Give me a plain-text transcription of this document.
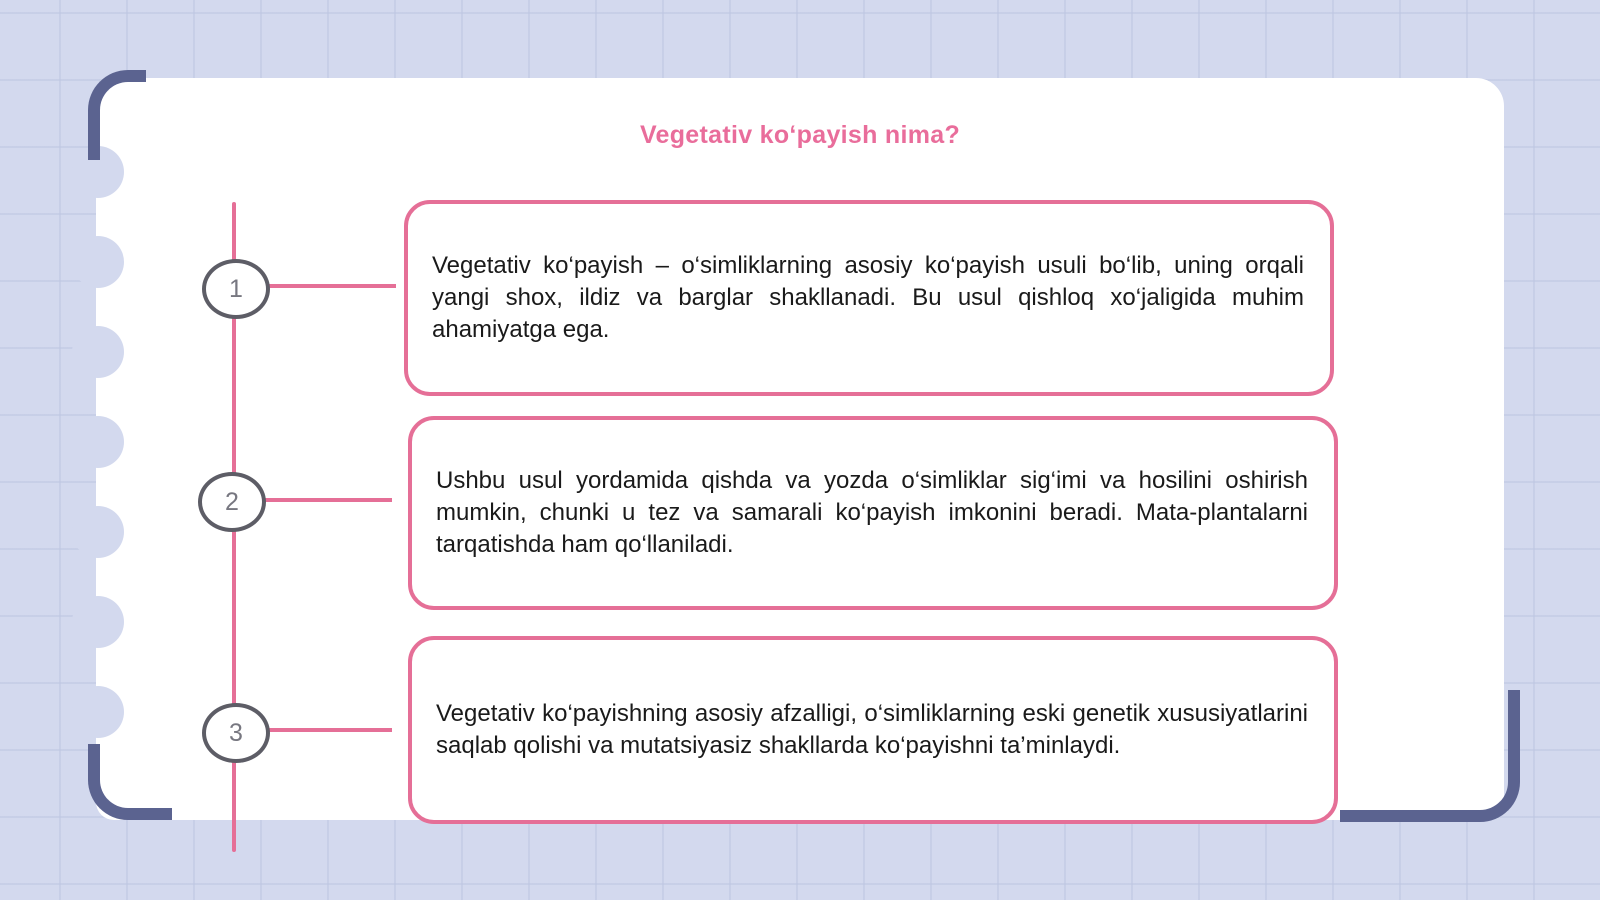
Vegetativ ko‘payish nima?
1
2
3

Vegetativ ko‘payish – o‘simliklarning asosiy ko‘payish usuli bo‘lib, uning orqali yangi shox, ildiz va barglar shakllanadi. Bu usul qishloq xo‘jaligida muhim ahamiyatga ega.

Ushbu usul yordamida qishda va yozda o‘simliklar sig‘imi va hosilini oshirish mumkin, chunki u tez va samarali ko‘payish imkonini beradi. Mata-plantalarni tarqatishda ham qo‘llaniladi.

Vegetativ ko‘payishning asosiy afzalligi, o‘simliklarning eski genetik xususiyatlarini saqlab qolishi va mutatsiyasiz shakllarda ko‘payishni ta’minlaydi.
